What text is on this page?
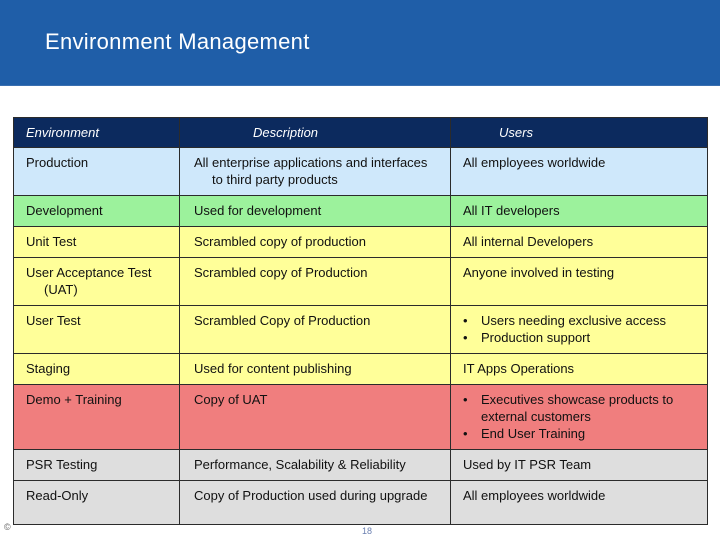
Environment Management
Environment	Description	Users

Production	All enterprise applications and interfaces to third party products	All employees worldwide

Development	Used for development	All IT developers

Unit Test	Scrambled copy of production	All internal Developers

User Acceptance Test (UAT)	Scrambled copy of Production	Anyone involved in testing

User Test	Scrambled Copy of Production	• Users needing exclusive access
• Production support

Staging	Used for content publishing	IT Apps Operations

Demo + Training	Copy of UAT	• Executives showcase products to external customers
• End User Training

PSR Testing	Performance, Scalability & Reliability	Used by IT PSR Team

Read-Only	Copy of Production used during upgrade	All employees worldwide
©	18
